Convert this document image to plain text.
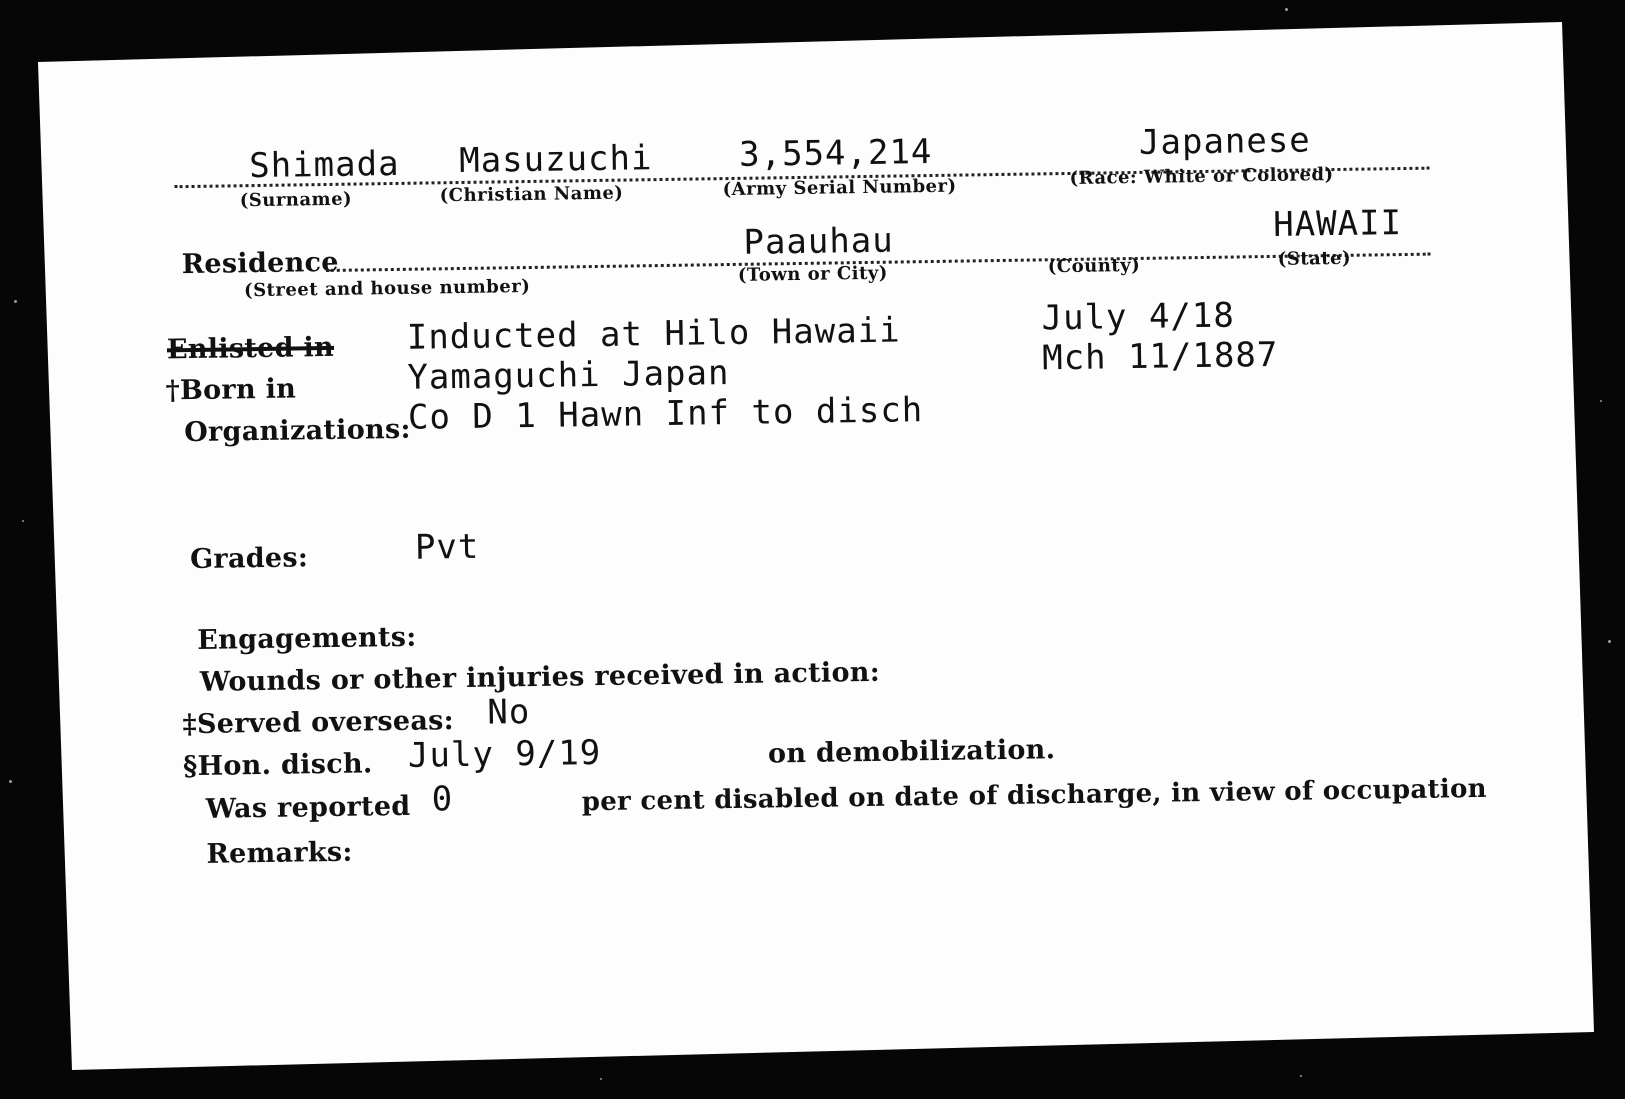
Shimada
(Surname)
Masuzuchi
(Christian Name)
3,554,214
(Army Serial Number)
Japanese
(Race: White or Colored)
Residence
(Street and house number)
Paauhau
(Town or City)	(County)
HAWAII
(State)
Enlisted in Inducted at Hilo Hawaii	July 4/18
†Born in	Yamaguchi Japan	Mch 11/1887
Organizations:
Co D 1 Hawn Inf to disch
Grades:	Pvt
Engagements:
Wounds or other injuries received in action:
‡Served overseas: No
§Hon. disch. July 9/19	on demobilization.
Was reported 0	per cent disabled on date of discharge, in view of occupation
Remarks:
